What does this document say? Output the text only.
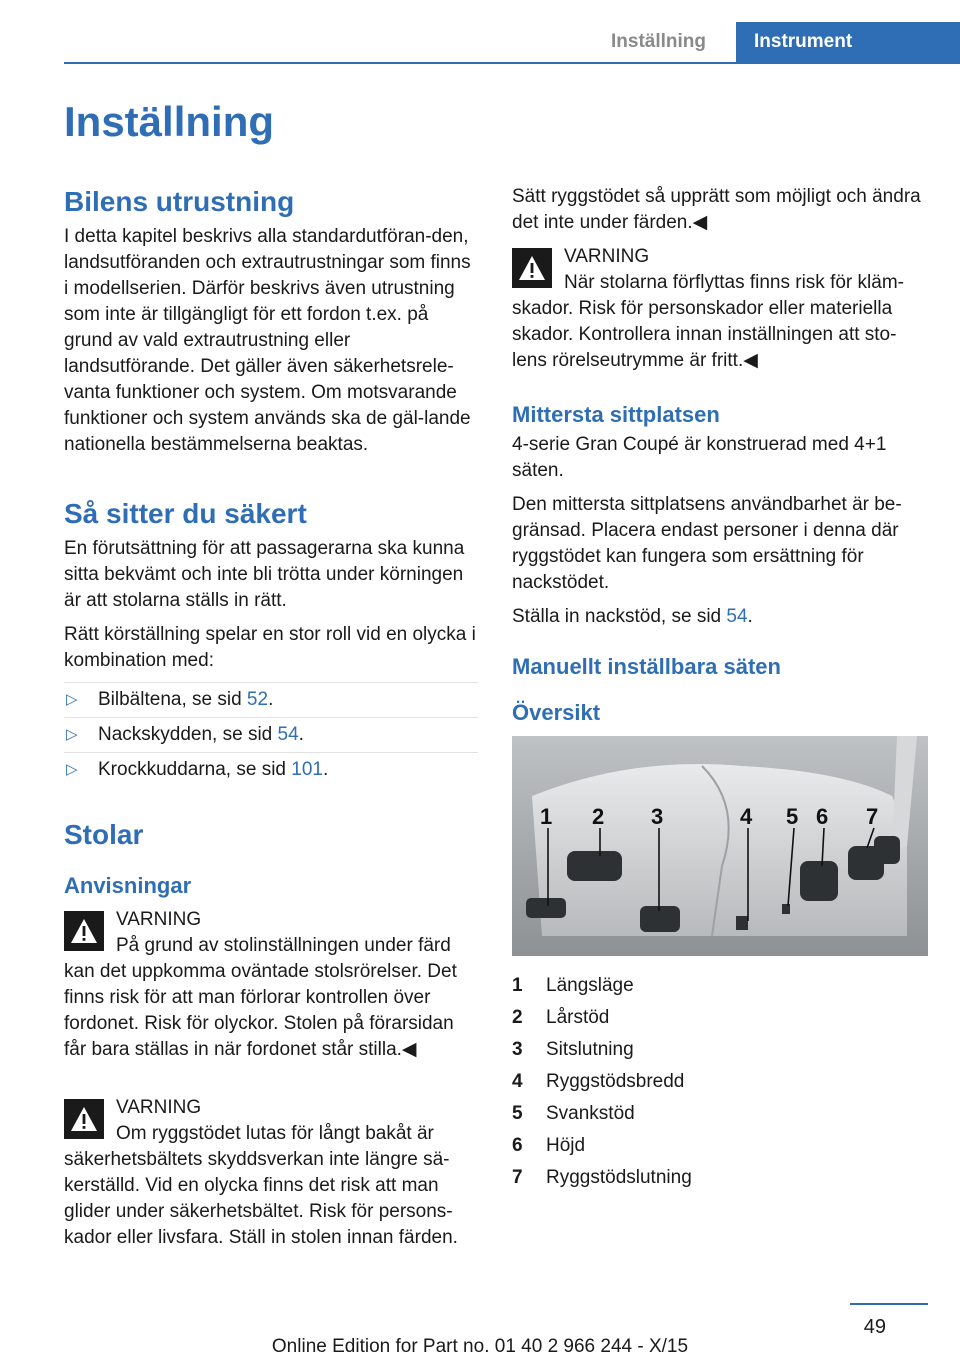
Inställning	Instrument
Inställning
Bilens utrustning

I detta kapitel beskrivs alla standardutföran‐den, landsutföranden och extrautrustningar som finns i modellserien. Därför beskrivs även utrustning som inte är tillgängligt för ett fordon t.ex. på grund av vald extrautrustning eller landsutförande. Det gäller även säkerhetsrele‐vanta funktioner och system. Om motsvarande funktioner och system används ska de gäl‐lande nationella bestämmelserna beaktas.

Så sitter du säkert

En förutsättning för att passagerarna ska kunna sitta bekvämt och inte bli trötta under körningen är att stolarna ställs in rätt.

Rätt körställning spelar en stor roll vid en olycka i kombination med:

▷ Bilbältena, se sid 52.
▷ Nackskydden, se sid 54.
▷ Krockkuddarna, se sid 101.
Stolar
Anvisningar
VARNING
På grund av stolinställningen under färd kan det uppkomma oväntade stolsrörelser. Det finns risk för att man förlorar kontrollen över fordonet. Risk för olyckor. Stolen på förarsidan får bara ställas in när fordonet står stilla.◀
VARNING
Om ryggstödet lutas för långt bakåt är säkerhetsbältets skyddsverkan inte längre sä‐kerställd. Vid en olycka finns det risk att man glider under säkerhetsbältet. Risk för persons‐kador eller livsfara. Ställ in stolen innan färden.

Sätt ryggstödet så upprätt som möjligt och ändra det inte under färden.◀

VARNING
När stolarna förflyttas finns risk för kläm‐skador. Risk för personskador eller materiella skador. Kontrollera innan inställningen att sto‐lens rörelseutrymme är fritt.◀
Mittersta sittplatsen

4-serie Gran Coupé är konstruerad med 4+1 säten.

Den mittersta sittplatsens användbarhet är be‐gränsad. Placera endast personer i denna där ryggstödet kan fungera som ersättning för nackstödet.

Ställa in nackstöd, se sid 54.

Manuellt inställbara säten
Översikt
1 2 3	4 5 6 7
1 Längsläge
2 Lårstöd
3 Sitslutning
4 Ryggstödsbredd
5 Svankstöd
6 Höjd
7 Ryggstödslutning
49
Online Edition for Part no. 01 40 2 966 244 - X/15
